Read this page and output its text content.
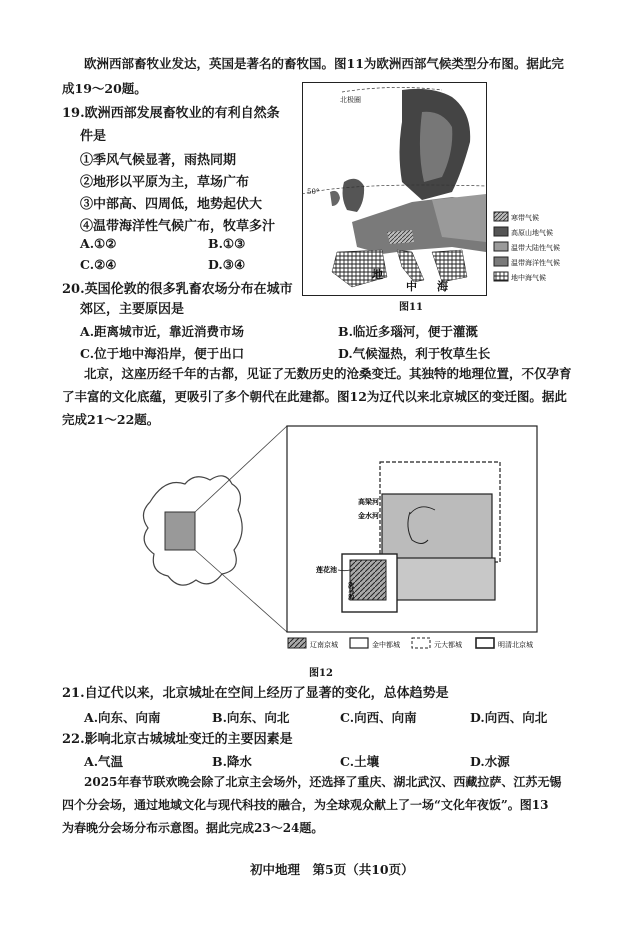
欧洲西部畜牧业发达，英国是著名的畜牧国。图11为欧洲西部气候类型分布图。据此完
成19～20题。
19.欧洲西部发展畜牧业的有利自然条
件是
①季风气候显著，雨热同期
②地形以平原为主，草场广布
③中部高、四周低，地势起伏大
④温带海洋性气候广布，牧草多汁
A.①②	B.①③
C.②④	D.③④
北极圈
50°
地
中 海
寒带气候
高原山地气候
温带大陆性气候
温带海洋性气候
地中海气候
图11
20.英国伦敦的很多乳畜农场分布在城市
郊区，主要原因是
A.距离城市近，靠近消费市场	B.临近多瑙河，便于灌溉
C.位于地中海沿岸，便于出口	D.气候湿热，利于牧草生长
北京，这座历经千年的古都，见证了无数历史的沧桑变迁。其独特的地理位置，不仅孕育
了丰富的文化底蕴，更吸引了多个朝代在此建都。图12为辽代以来北京城区的变迁图。据此
完成21～22题。
高梁河
金水河
莲花池
洗马沟
辽南京城	金中都城	元大都城	明清北京城
图12
21.自辽代以来，北京城址在空间上经历了显著的变化，总体趋势是
A.向东、向南	B.向东、向北	C.向西、向南	D.向西、向北
22.影响北京古城城址变迁的主要因素是
A.气温	B.降水	C.土壤	D.水源
2025年春节联欢晚会除了北京主会场外，还选择了重庆、湖北武汉、西藏拉萨、江苏无锡
四个分会场，通过地域文化与现代科技的融合，为全球观众献上了一场“文化年夜饭”。图13
为春晚分会场分布示意图。据此完成23～24题。
初中地理　第5页（共10页）
